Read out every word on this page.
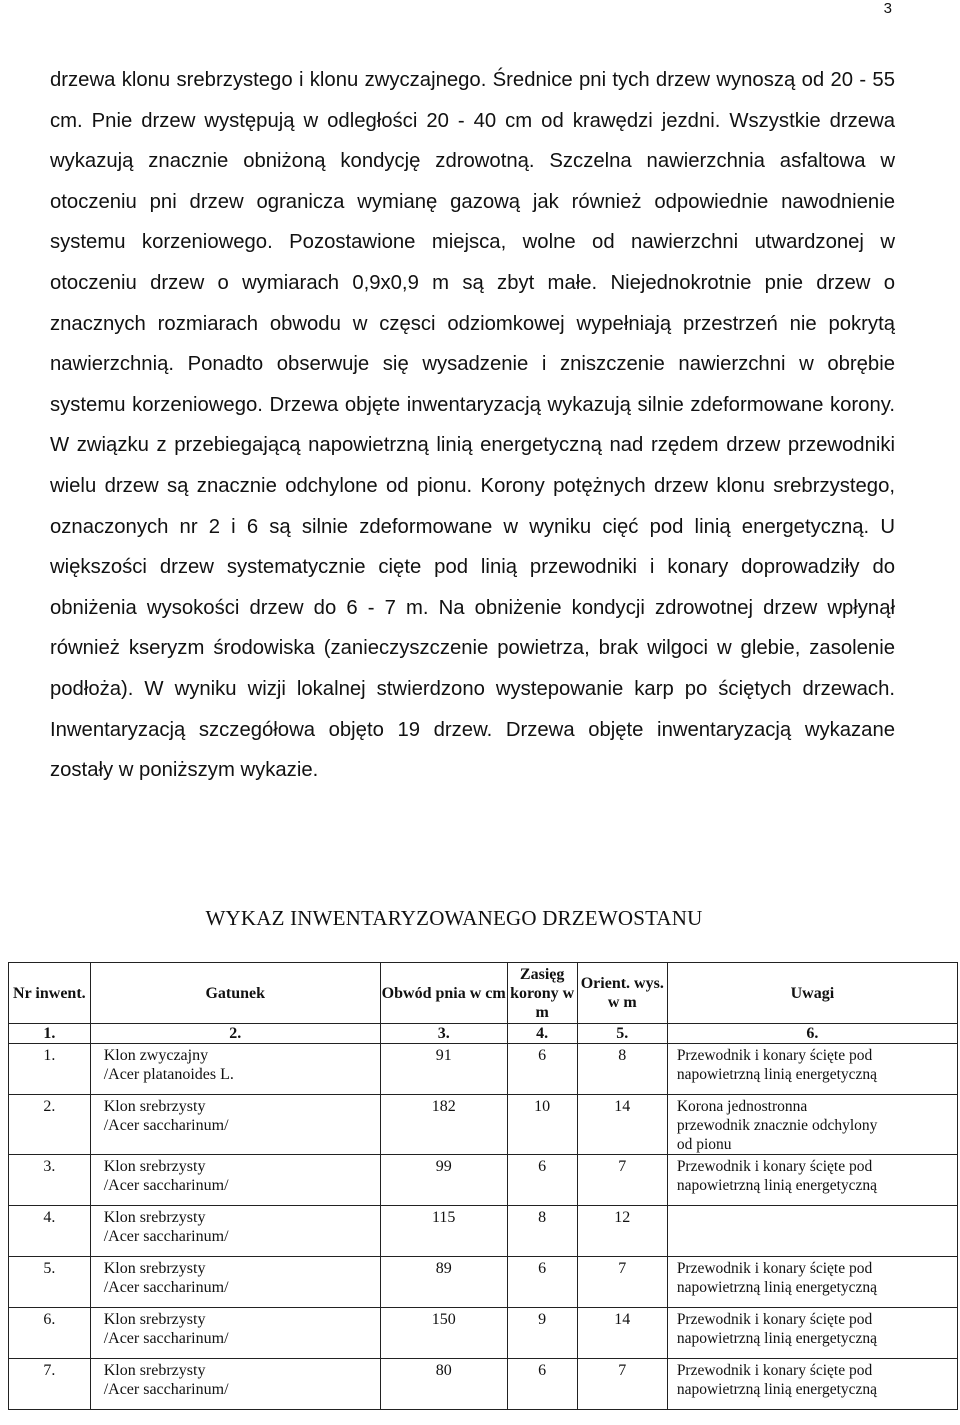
3

drzewa klonu srebrzystego i klonu zwyczajnego. Średnice pni tych drzew wynoszą od 20 - 55 cm. Pnie drzew występują w odległości 20 - 40 cm od krawędzi jezdni. Wszystkie drzewa wykazują znacznie obniżoną kondycję zdrowotną. Szczelna nawierzchnia asfaltowa w otoczeniu pni drzew ogranicza wymianę gazową jak również odpowiednie nawodnienie systemu korzeniowego. Pozostawione miejsca, wolne od nawierzchni utwardzonej w otoczeniu drzew o wymiarach 0,9x0,9 m są zbyt małe. Niejednokrotnie pnie drzew o znacznych rozmiarach obwodu w częsci odziomkowej wypełniają przestrzeń nie pokrytą nawierzchnią. Ponadto obserwuje się wysadzenie i zniszczenie nawierzchni w obrębie systemu korzeniowego. Drzewa objęte inwentaryzacją wykazują silnie zdeformowane korony. W związku z przebiegającą napowietrzną linią energetyczną nad rzędem drzew przewodniki wielu drzew są znacznie odchylone od pionu. Korony potężnych drzew klonu srebrzystego, oznaczonych nr 2 i 6 są silnie zdeformowane w wyniku cięć pod linią energetyczną. U większości drzew systematycznie cięte pod linią przewodniki i konary doprowadziły do obniżenia wysokości drzew do 6 - 7 m. Na obniżenie kondycji zdrowotnej drzew wpłynął również kseryzm środowiska (zanieczyszczenie powietrza, brak wilgoci w glebie, zasolenie podłoża). W wyniku wizji lokalnej stwierdzono wystepowanie karp po ściętych drzewach. Inwentaryzacją szczegółowa objęto 19 drzew. Drzewa objęte inwentaryzacją wykazane zostały w poniższym wykazie.

WYKAZ INWENTARYZOWANEGO DRZEWOSTANU
Nr inwent.	Gatunek	Obwód pnia w cm	Zasięg korony w m	Orient. wys. w m	Uwagi
1.	2.	3.	4.	5.	6.
1.	Klon zwyczajny
/Acer platanoides L.	91	6	8	Przewodnik i konary ścięte pod
napowietrzną linią energetyczną

2.	Klon srebrzysty
/Acer saccharinum/	182	10	14	Korona jednostronna
przewodnik znacznie odchylony
od pionu

3.	Klon srebrzysty
/Acer saccharinum/	99	6	7	Przewodnik i konary ścięte pod
napowietrzną linią energetyczną

4.	Klon srebrzysty
/Acer saccharinum/	115	8	12	

5.	Klon srebrzysty
/Acer saccharinum/	89	6	7	Przewodnik i konary ścięte pod
napowietrzną linią energetyczną

6.	Klon srebrzysty
/Acer saccharinum/	150	9	14	Przewodnik i konary ścięte pod
napowietrzną linią energetyczną

7.	Klon srebrzysty
/Acer saccharinum/	80	6	7	Przewodnik i konary ścięte pod
napowietrzną linią energetyczną
